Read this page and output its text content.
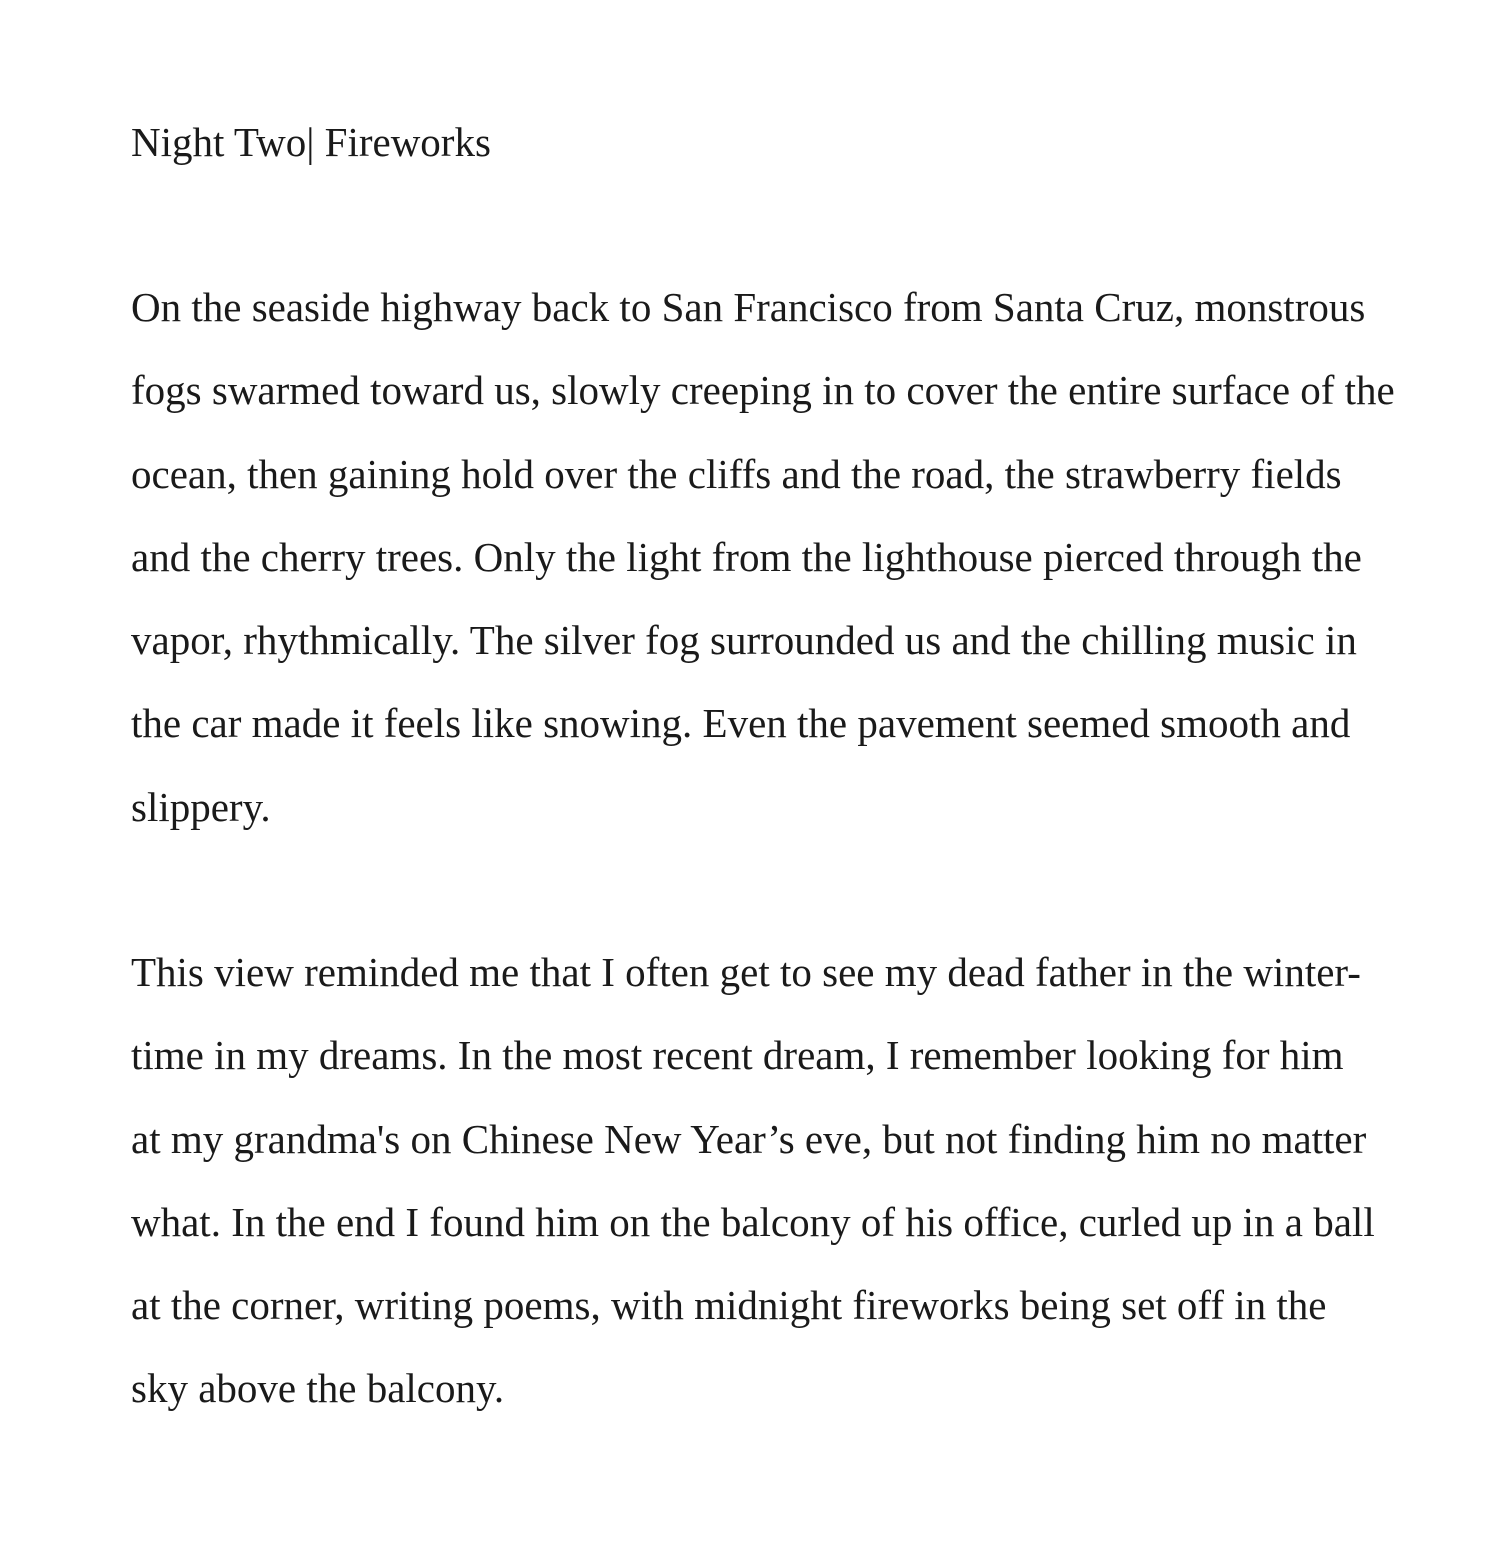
Night Two| Fireworks
On the seaside highway back to San Francisco from Santa Cruz, monstrous
fogs swarmed toward us, slowly creeping in to cover the entire surface of the
ocean, then gaining hold over the cliffs and the road, the strawberry fields
and the cherry trees. Only the light from the lighthouse pierced through the
vapor, rhythmically. The silver fog surrounded us and the chilling music in
the car made it feels like snowing. Even the pavement seemed smooth and
slippery.
This view reminded me that I often get to see my dead father in the winter-
time in my dreams. In the most recent dream, I remember looking for him
at my grandma's on Chinese New Year’s eve, but not finding him no matter
what. In the end I found him on the balcony of his office, curled up in a ball
at the corner, writing poems, with midnight fireworks being set off in the
sky above the balcony.
